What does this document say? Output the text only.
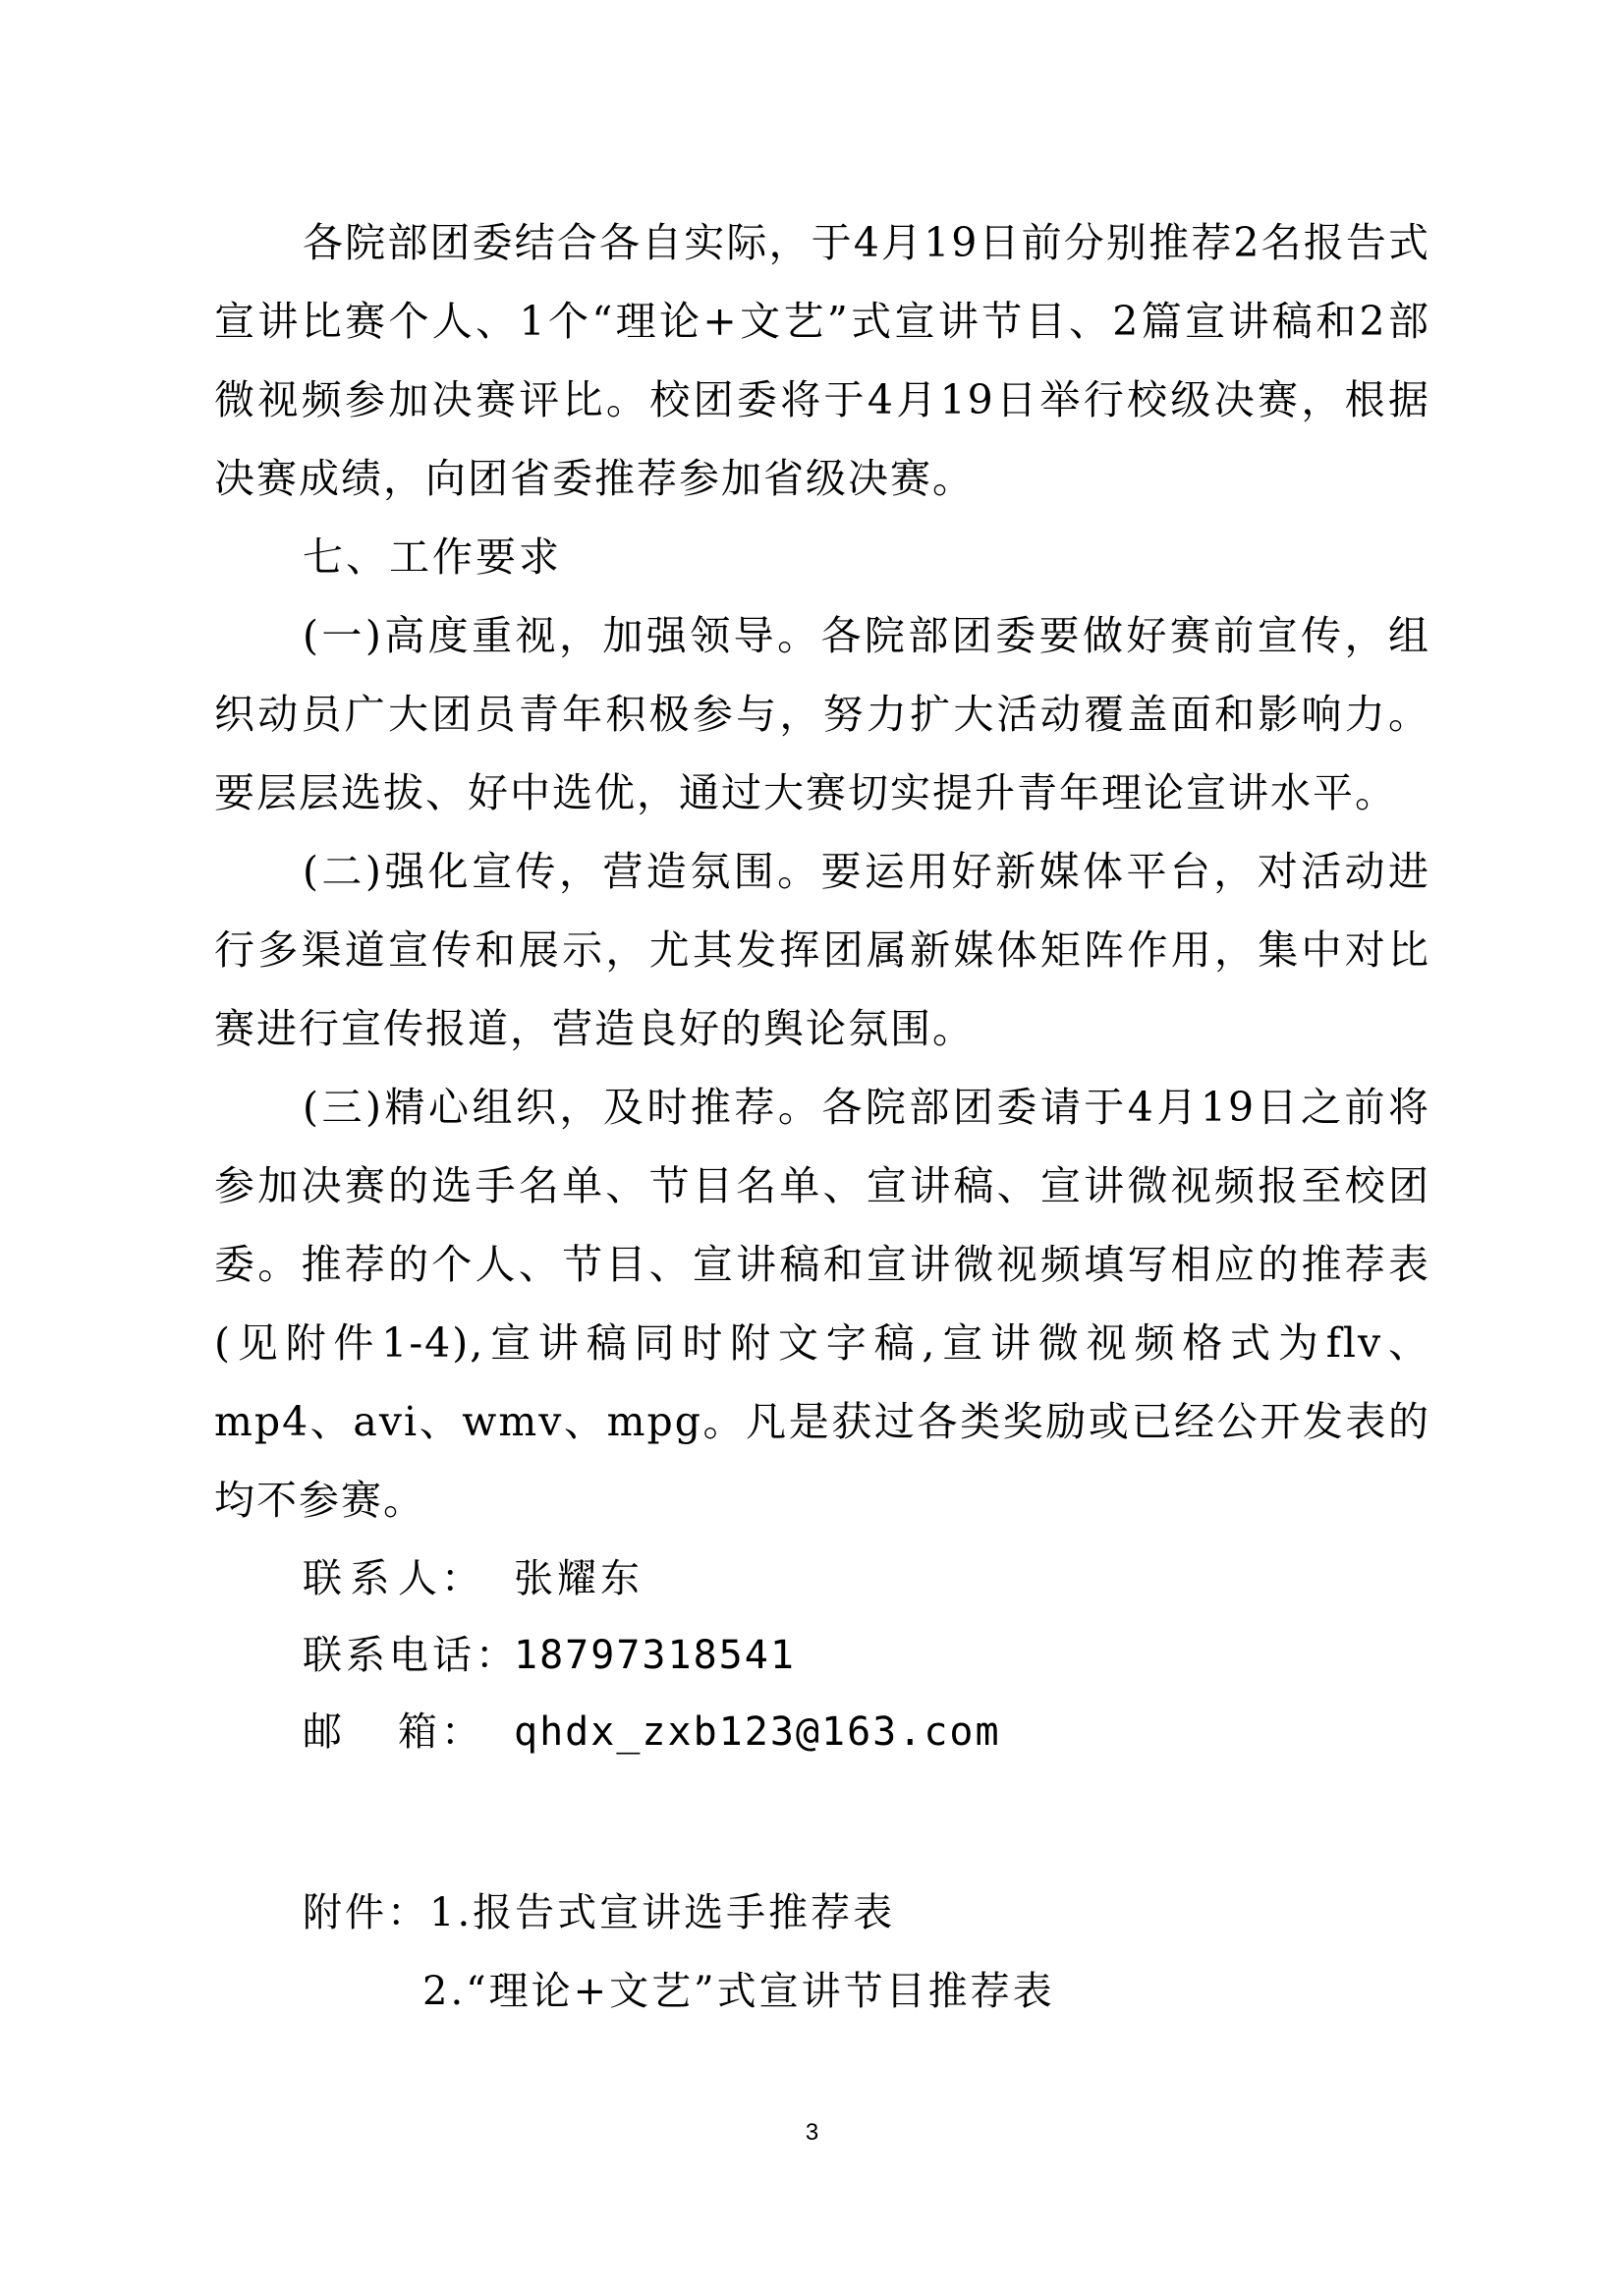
各院部团委结合各自实际，于4月19日前分别推荐2名报告式宣讲比赛个人、1个“理论+文艺”式宣讲节目、2篇宣讲稿和2部微视频参加决赛评比。校团委将于4月19日举行校级决赛，根据决赛成绩，向团省委推荐参加省级决赛。

七、工作要求

(一)高度重视，加强领导。各院部团委要做好赛前宣传，组织动员广大团员青年积极参与，努力扩大活动覆盖面和影响力。要层层选拔、好中选优，通过大赛切实提升青年理论宣讲水平。

(二)强化宣传，营造氛围。要运用好新媒体平台，对活动进行多渠道宣传和展示，尤其发挥团属新媒体矩阵作用，集中对比赛进行宣传报道，营造良好的舆论氛围。

(三)精心组织，及时推荐。各院部团委请于4月19日之前将参加决赛的选手名单、节目名单、宣讲稿、宣讲微视频报至校团委。推荐的个人、节目、宣讲稿和宣讲微视频填写相应的推荐表(见附件1-4),宣讲稿同时附文字稿,宣讲微视频格式为flv、mp4、avi、wmv、mpg。凡是获过各类奖励或已经公开发表的均不参赛。

联 系 人： 张耀东
联系电话：
18797318541
邮 箱： qhdx_zxb123@163.com
附件：1.报告式宣讲选手推荐表
2.“理论+文艺”式宣讲节目推荐表
3
